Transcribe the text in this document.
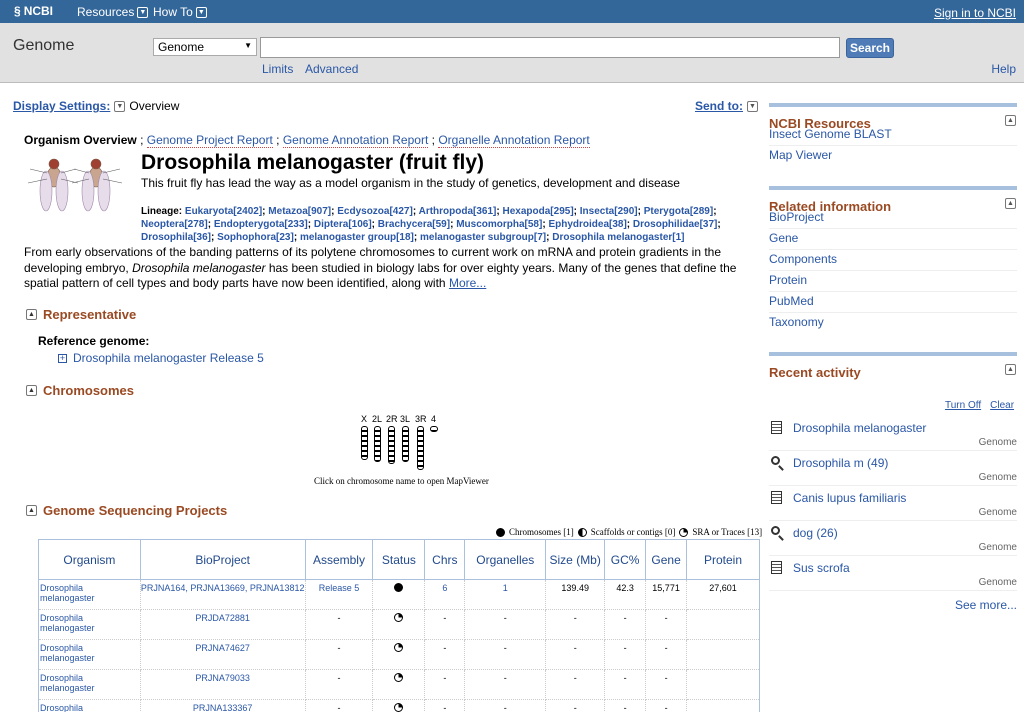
§ NCBI Resources ▼ How To ▼	Sign in to NCBI
Genome	Genome	▼	Search
Limits Advanced	Help
Display Settings: ▼ Overview	Send to: ▼
Organism Overview ; Genome Project Report ; Genome Annotation Report ; Organelle Annotation Report
Drosophila melanogaster (fruit fly)
This fruit fly has lead the way as a model organism in the study of genetics, development and disease
Lineage: Eukaryota[2402]; Metazoa[907]; Ecdysozoa[427]; Arthropoda[361]; Hexapoda[295]; Insecta[290]; Pterygota[289]; Neoptera[278]; Endopterygota[233]; Diptera[106]; Brachycera[59]; Muscomorpha[58]; Ephydroidea[38]; Drosophilidae[37]; Drosophila[36]; Sophophora[23]; melanogaster group[18]; melanogaster subgroup[7]; Drosophila melanogaster[1]
From early observations of the banding patterns of its polytene chromosomes to current work on mRNA and protein gradients in the developing embryo, Drosophila melanogaster has been studied in biology labs for over eighty years. Many of the genes that define the spatial pattern of cell types and body parts have now been identified, along with More...
▲ Representative
Reference genome:
+ Drosophila melanogaster Release 5
▲ Chromosomes
X 2L 2R 3L 3R 4
Click on chromosome name to open MapViewer
▲ Genome Sequencing Projects
Chromosomes [1] Scaffolds or contigs [0] SRA or Traces [13]
Organism	BioProject	Assembly	Status	Chrs	Organelles	Size (Mb)	GC%	Gene	Protein
Drosophila melanogaster	PRJNA164, PRJNA13669, PRJNA13812	Release 5		6	1	139.49	42.3	15,771	27,601
Drosophila melanogaster	PRJDA72881	-		-	-	-	-	-	
Drosophila melanogaster	PRJNA74627	-		-	-	-	-	-	
Drosophila melanogaster	PRJNA79033	-		-	-	-	-	-	
Drosophila	PRJNA133367	-		-	-	-	-	-	
NCBI Resources	▲
Insect Genome BLAST
Map Viewer
Related information	▲
BioProject
Gene
Components
Protein
PubMed
Taxonomy
Recent activity	▲
Turn Off Clear
Drosophila melanogaster
Genome
Drosophila m (49)
Genome
Canis lupus familiaris
Genome
dog (26)
Genome
Sus scrofa
Genome
See more...
